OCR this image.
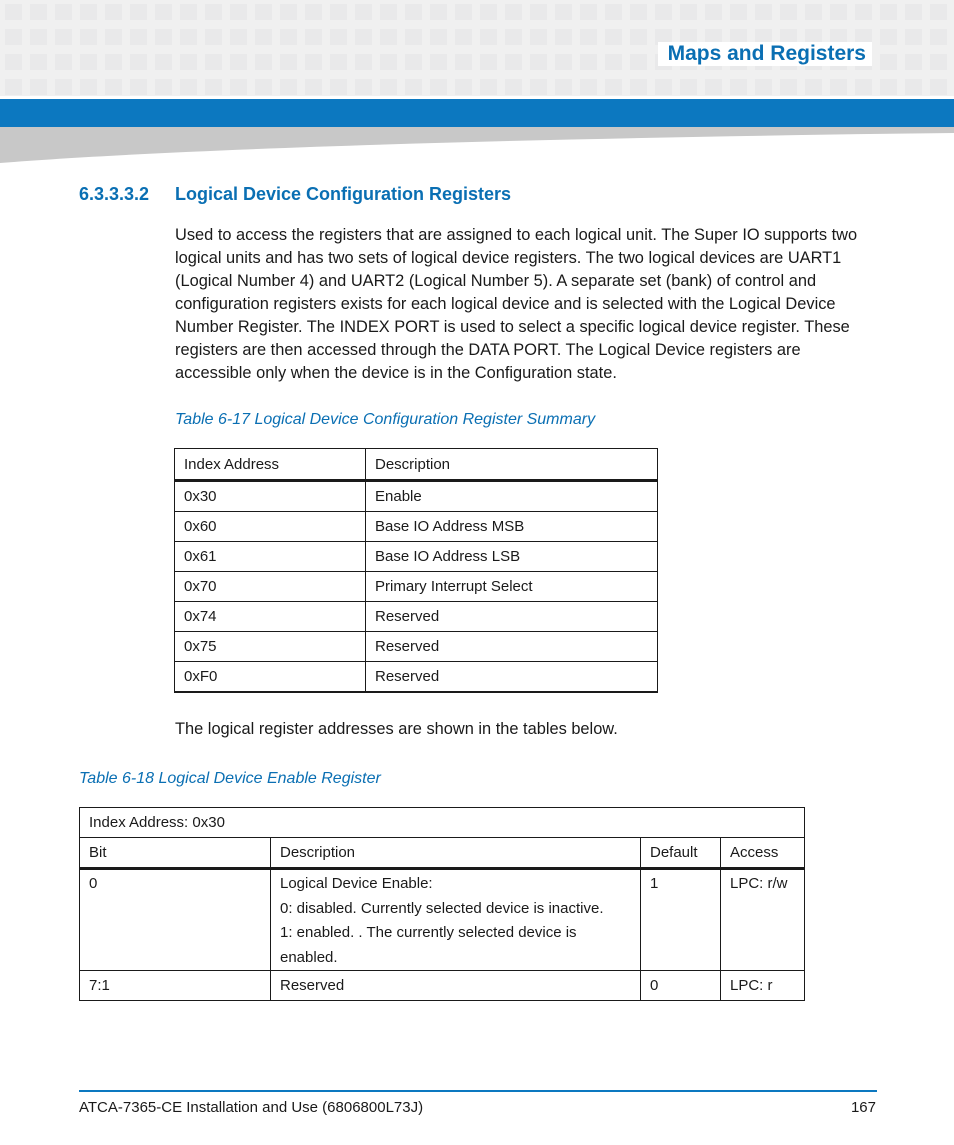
Maps and Registers
6.3.3.3.2 Logical Device Configuration Registers
Used to access the registers that are assigned to each logical unit. The Super IO supports two logical units and has two sets of logical device registers. The two logical devices are UART1 (Logical Number 4) and UART2 (Logical Number 5). A separate set (bank) of control and configuration registers exists for each logical device and is selected with the Logical Device Number Register. The INDEX PORT is used to select a specific logical device register. These registers are then accessed through the DATA PORT. The Logical Device registers are accessible only when the device is in the Configuration state.
Table 6-17 Logical Device Configuration Register Summary
Index Address	Description
0x30	Enable
0x60	Base IO Address MSB
0x61	Base IO Address LSB
0x70	Primary Interrupt Select
0x74	Reserved
0x75	Reserved
0xF0	Reserved
The logical register addresses are shown in the tables below.
Table 6-18 Logical Device Enable Register
Index Address: 0x30			
Bit	Description	Default	Access

0	Logical Device Enable:
0: disabled. Currently selected device is inactive.
1: enabled. . The currently selected device is enabled.	1	LPC: r/w

7:1	Reserved	0	LPC: r
ATCA-7365-CE Installation and Use (6806800L73J)	167
